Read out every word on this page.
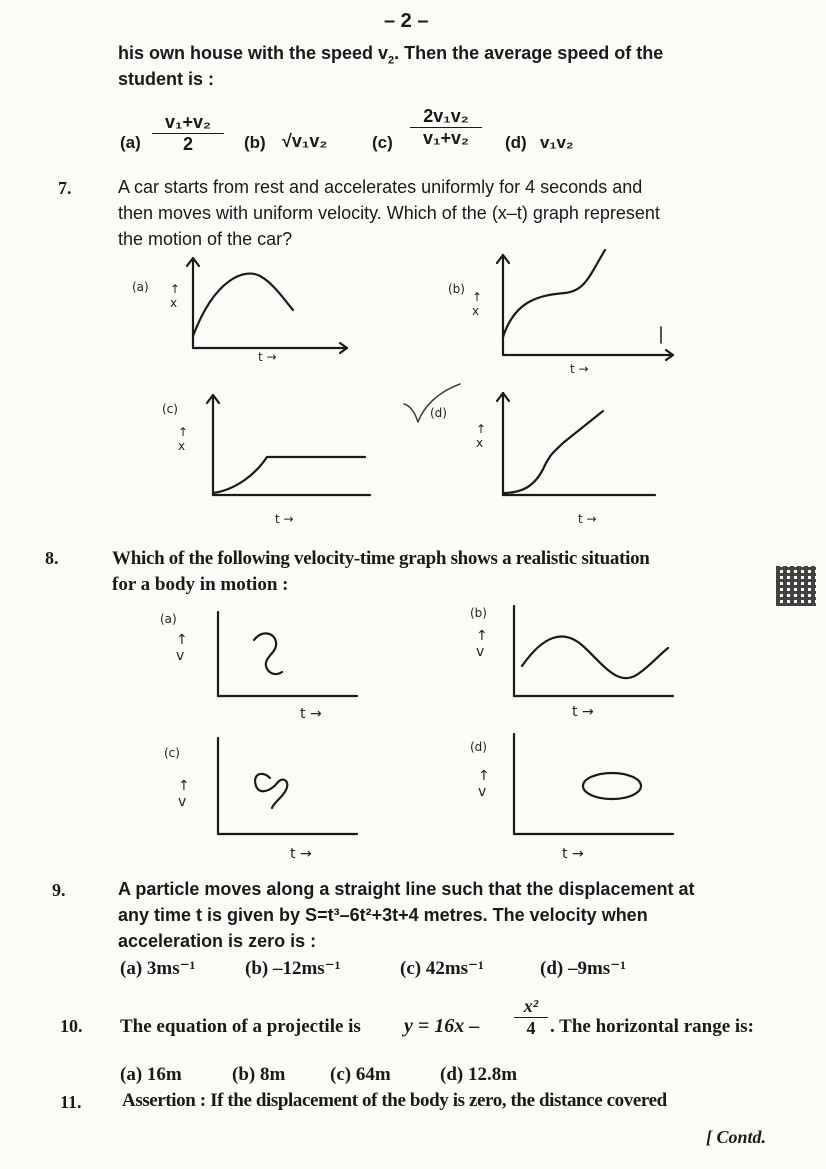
– 2 –
his own house with the speed $v_2$. Then the average speed of the
student is :
$(a) \frac{\text{v₁+v₂}}{2} (b)$ √v₁v₂	$(c) \frac{\text{2v₁v₂}}{\text{v₁+v₂}} (d)$ v₁v₂
7.	A car starts from rest and accelerates uniformly for 4 seconds and
then moves with uniform velocity. Which of the (x–t) graph represent
the motion of the car?
(a) ↑
x
t →
(b)
↑
x
t →
(c)
↑
x
t →
(d)
↑
x
t →
8.	Which of the following velocity-time graph shows a realistic situation
for a body in motion :
(a)
↑
v
t →
(b)
↑
v
t →
(c)
↑
v
t →
(d)
↑
v
t →
9.	A particle moves along a straight line such that the displacement at
any time t is given by S=t³–6t²+3t+4 metres. The velocity when
acceleration is zero is :
(a) 3ms⁻¹	(b) –12ms⁻¹	(c) 42ms⁻¹	(d) –9ms⁻¹
10. The equation of a projectile is $y = 16x - \frac{\text{x²}}{4}$ . The horizontal range is:
(a) 16m	(b) 8m (c) 64m	(d) 12.8m
11. Assertion : If the displacement of the body is zero, the distance covered
[ Contd.
